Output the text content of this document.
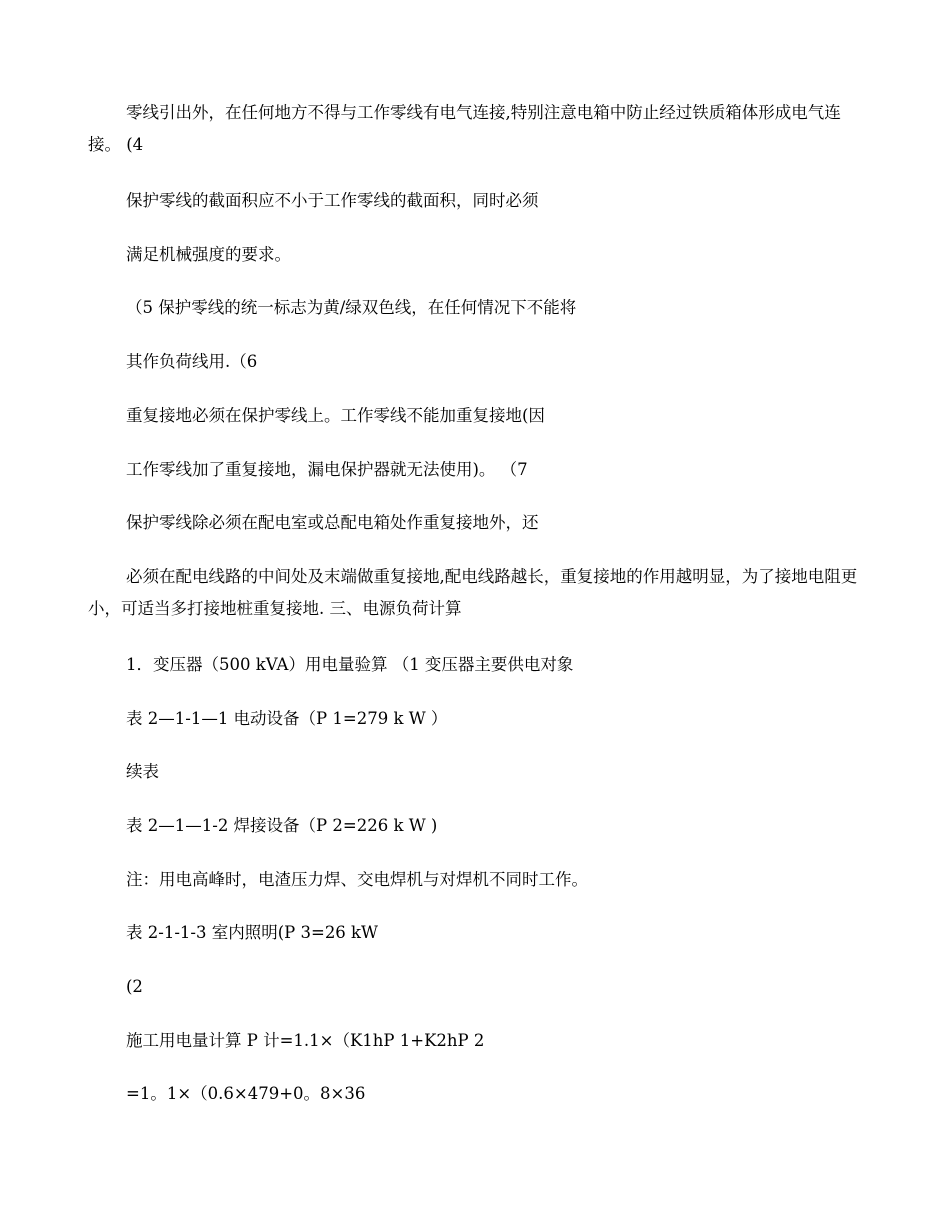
零线引出外，在任何地方不得与工作零线有电气连接,特别注意电箱中防止经过铁质箱体形成电气连接。 (4

保护零线的截面积应不小于工作零线的截面积，同时必须

满足机械强度的要求。

（5 保护零线的统一标志为黄/绿双色线，在任何情况下不能将

其作负荷线用.（6

重复接地必须在保护零线上。工作零线不能加重复接地(因

工作零线加了重复接地，漏电保护器就无法使用)。 （7

保护零线除必须在配电室或总配电箱处作重复接地外，还

必须在配电线路的中间处及末端做重复接地,配电线路越长，重复接地的作用越明显，为了接地电阻更小，可适当多打接地桩重复接地. 三、电源负荷计算

1．变压器（500 kVA）用电量验算 （1 变压器主要供电对象

表 2—1-1—1 电动设备（P 1=279 k W ）

续表

表 2—1—1-2 焊接设备（P 2=226 k W )

注：用电高峰时，电渣压力焊、交电焊机与对焊机不同时工作。

表 2-1-1-3 室内照明(P 3=26 kW

(2

施工用电量计算 P 计=1.1×（K1hP 1+K2hP 2

=1。1×（0.6×479+0。8×36
